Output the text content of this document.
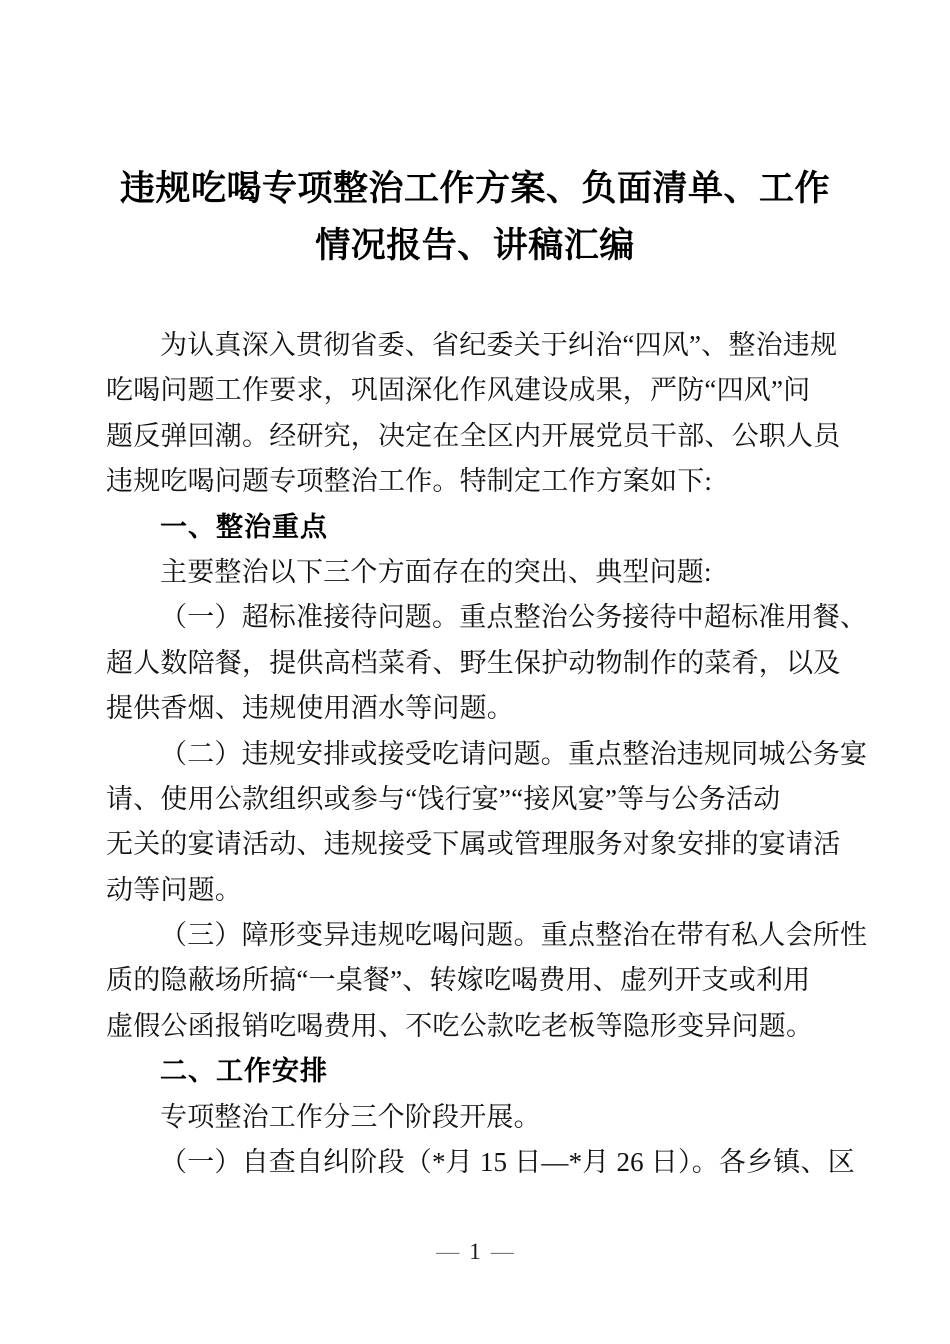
违规吃喝专项整治工作方案、负面清单、工作
情况报告、讲稿汇编
为认真深入贯彻省委、省纪委关于纠治“四风”、整治违规
吃喝问题工作要求，巩固深化作风建设成果，严防“四风”问
题反弹回潮。经研究，决定在全区内开展党员干部、公职人员
违规吃喝问题专项整治工作。特制定工作方案如下:
一、整治重点
主要整治以下三个方面存在的突出、典型问题:
（一）超标准接待问题。重点整治公务接待中超标准用餐、
超人数陪餐，提供高档菜肴、野生保护动物制作的菜肴，以及
提供香烟、违规使用酒水等问题。
（二）违规安排或接受吃请问题。重点整治违规同城公务宴
请、使用公款组织或参与“饯行宴”“接风宴”等与公务活动
无关的宴请活动、违规接受下属或管理服务对象安排的宴请活
动等问题。
（三）障形变异违规吃喝问题。重点整治在带有私人会所性
质的隐蔽场所搞“一桌餐”、转嫁吃喝费用、虚列开支或利用
虚假公函报销吃喝费用、不吃公款吃老板等隐形变异问题。
二、工作安排
专项整治工作分三个阶段开展。
（一）自查自纠阶段（*月 15 日—*月 26 日）。各乡镇、区
— 1 —
